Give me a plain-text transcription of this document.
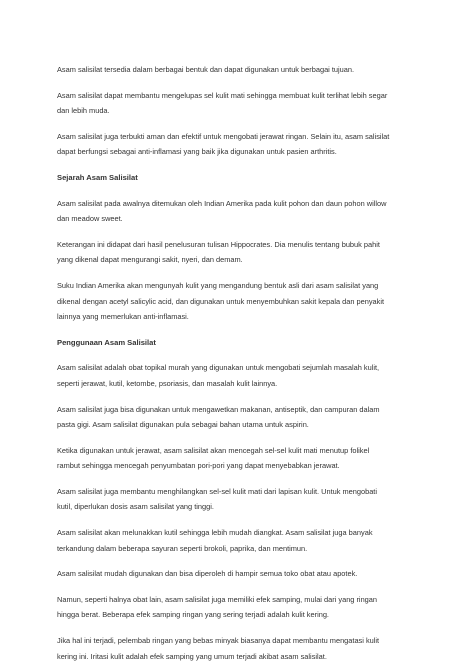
Asam salisilat tersedia dalam berbagai bentuk dan dapat digunakan untuk berbagai tujuan.
Asam salisilat dapat membantu mengelupas sel kulit mati sehingga membuat kulit terlihat lebih segar
dan lebih muda.
Asam salisilat juga terbukti aman dan efektif untuk mengobati jerawat ringan. Selain itu, asam salisilat
dapat berfungsi sebagai anti-inflamasi yang baik jika digunakan untuk pasien arthritis.
Sejarah Asam Salisilat
Asam salisilat pada awalnya ditemukan oleh Indian Amerika pada kulit pohon dan daun pohon willow
dan meadow sweet.
Keterangan ini didapat dari hasil penelusuran tulisan Hippocrates. Dia menulis tentang bubuk pahit
yang dikenal dapat mengurangi sakit, nyeri, dan demam.
Suku Indian Amerika akan mengunyah kulit yang mengandung bentuk asli dari asam salisilat yang
dikenal dengan acetyl salicylic acid, dan digunakan untuk menyembuhkan sakit kepala dan penyakit
lainnya yang memerlukan anti-inflamasi.
Penggunaan Asam Salisilat
Asam salisilat adalah obat topikal murah yang digunakan untuk mengobati sejumlah masalah kulit,
seperti jerawat, kutil, ketombe, psoriasis, dan masalah kulit lainnya.
Asam salisilat juga bisa digunakan untuk mengawetkan makanan, antiseptik, dan campuran dalam
pasta gigi. Asam salisilat digunakan pula sebagai bahan utama untuk aspirin.
Ketika digunakan untuk jerawat, asam salisilat akan mencegah sel-sel kulit mati menutup folikel
rambut sehingga mencegah penyumbatan pori-pori yang dapat menyebabkan jerawat.
Asam salisilat juga membantu menghilangkan sel-sel kulit mati dari lapisan kulit. Untuk mengobati
kutil, diperlukan dosis asam salisilat yang tinggi.
Asam salisilat akan melunakkan kutil sehingga lebih mudah diangkat. Asam salisilat juga banyak
terkandung dalam beberapa sayuran seperti brokoli, paprika, dan mentimun.
Asam salisilat mudah digunakan dan bisa diperoleh di hampir semua toko obat atau apotek.
Namun, seperti halnya obat lain, asam salisilat juga memiliki efek samping, mulai dari yang ringan
hingga berat. Beberapa efek samping ringan yang sering terjadi adalah kulit kering.
Jika hal ini terjadi, pelembab ringan yang bebas minyak biasanya dapat membantu mengatasi kulit
kering ini. Iritasi kulit adalah efek samping yang umum terjadi akibat asam salisilat.
